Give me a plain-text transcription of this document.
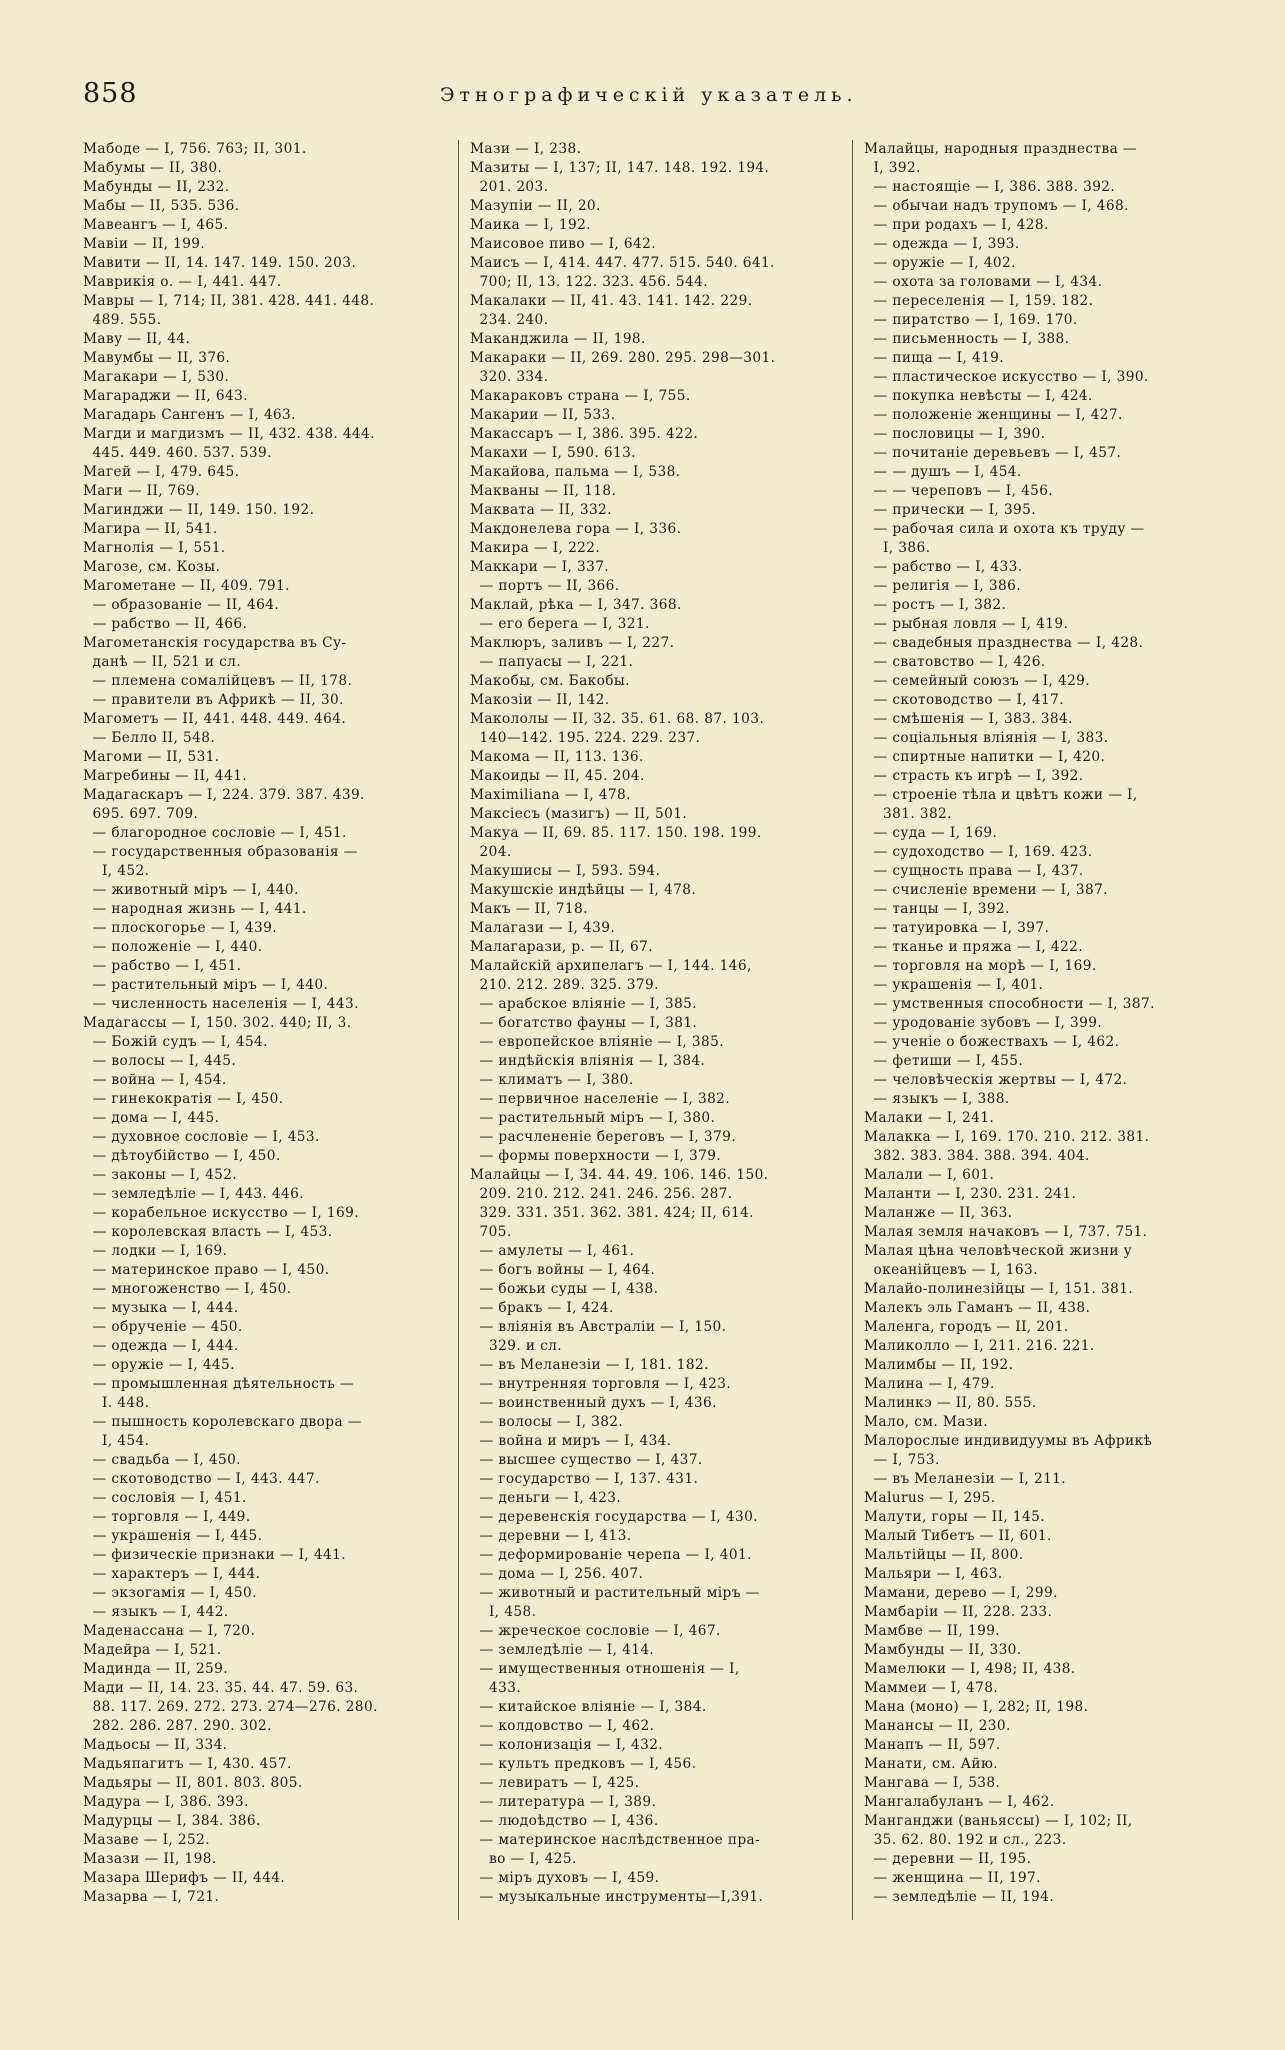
858	Этнографическій указатель.
Мабоде — I, 756. 763; II, 301.
Мабумы — II, 380.
Мабунды — II, 232.
Мабы — II, 535. 536.
Мавеангъ — I, 465.
Мавіи — II, 199.
Мавити — II, 14. 147. 149. 150. 203.
Маврикія о. — I, 441. 447.
Мавры — I, 714; II, 381. 428. 441. 448.
489. 555.
Маву — II, 44.
Мавумбы — II, 376.
Магакари — I, 530.
Магараджи — II, 643.
Магадарь Сангенъ — I, 463.
Магди и магдизмъ — II, 432. 438. 444.
445. 449. 460. 537. 539.
Магей — I, 479. 645.
Маги — II, 769.
Магинджи — II, 149. 150. 192.
Магира — II, 541.
Магнолія — I, 551.
Магозе, см. Козы.
Магометане — II, 409. 791.
— образованіе — II, 464.
— рабство — II, 466.
Магометанскія государства въ Су-
данѣ — II, 521 и сл.
— племена сомалійцевъ — II, 178.
— правители въ Африкѣ — II, 30.
Магометъ — II, 441. 448. 449. 464.
— Белло II, 548.
Магоми — II, 531.
Магребины — II, 441.
Мадагаскаръ — I, 224. 379. 387. 439.
695. 697. 709.
— благородное сословіе — I, 451.
— государственныя образованія —
I, 452.
— животный міръ — I, 440.
— народная жизнь — I, 441.
— плоскогорье — I, 439.
— положеніе — I, 440.
— рабство — I, 451.
— растительный міръ — I, 440.
— численность населенія — I, 443.
Мадагассы — I, 150. 302. 440; II, 3.
— Божій судъ — I, 454.
— волосы — I, 445.
— война — I, 454.
— гинекократія — I, 450.
— дома — I, 445.
— духовное сословіе — I, 453.
— дѣтоубійство — I, 450.
— законы — I, 452.
— земледѣліе — I, 443. 446.
— корабельное искусство — I, 169.
— королевская власть — I, 453.
— лодки — I, 169.
— материнское право — I, 450.
— многоженство — I, 450.
— музыка — I, 444.
— обрученіе — 450.
— одежда — I, 444.
— оружіе — I, 445.
— промышленная дѣятельность —
I. 448.
— пышность королевскаго двора —
I, 454.
— свадьба — I, 450.
— скотоводство — I, 443. 447.
— сословія — I, 451.
— торговля — I, 449.
— украшенія — I, 445.
— физическіе признаки — I, 441.
— характеръ — I, 444.
— экзогамія — I, 450.
— языкъ — I, 442.
Маденассана — I, 720.
Мадейра — I, 521.
Мадинда — II, 259.
Мади — II, 14. 23. 35. 44. 47. 59. 63.
88. 117. 269. 272. 273. 274—276. 280.
282. 286. 287. 290. 302.
Мадьосы — II, 334.
Мадьяпагитъ — I, 430. 457.
Мадьяры — II, 801. 803. 805.
Мадура — I, 386. 393.
Мадурцы — I, 384. 386.
Мазаве — I, 252.
Мазази — II, 198.
Мазара Шерифъ — II, 444.
Мазарва — I, 721.
Мази — I, 238.
Мазиты — I, 137; II, 147. 148. 192. 194.
201. 203.
Мазупіи — II, 20.
Маика — I, 192.
Маисовое пиво — I, 642.
Маисъ — I, 414. 447. 477. 515. 540. 641.
700; II, 13. 122. 323. 456. 544.
Макалаки — II, 41. 43. 141. 142. 229.
234. 240.
Маканджила — II, 198.
Макараки — II, 269. 280. 295. 298—301.
320. 334.
Макараковъ страна — I, 755.
Макарии — II, 533.
Макассаръ — I, 386. 395. 422.
Макахи — I, 590. 613.
Макайова, пальма — I, 538.
Макваны — II, 118.
Маквата — II, 332.
Макдонелева гора — I, 336.
Макира — I, 222.
Маккари — I, 337.
— портъ — II, 366.
Маклай, рѣка — I, 347. 368.
— его берега — I, 321.
Маклюръ, заливъ — I, 227.
— папуасы — I, 221.
Макобы, см. Бакобы.
Макозіи — II, 142.
Макололы — II, 32. 35. 61. 68. 87. 103.
140—142. 195. 224. 229. 237.
Макома — II, 113. 136.
Макоиды — II, 45. 204.
Maximiliana — I, 478.
Максіесъ (мазигъ) — II, 501.
Макуа — II, 69. 85. 117. 150. 198. 199.
204.
Макушисы — I, 593. 594.
Макушскіе индѣйцы — I, 478.
Макъ — II, 718.
Малагази — I, 439.
Малагарази, р. — II, 67.
Малайскій архипелагъ — I, 144. 146,
210. 212. 289. 325. 379.
— арабское вліяніе — I, 385.
— богатство фауны — I, 381.
— европейское вліяніе — I, 385.
— индѣйскія вліянія — I, 384.
— климатъ — I, 380.
— первичное населеніе — I, 382.
— растительный міръ — I, 380.
— расчлененіе береговъ — I, 379.
— формы поверхности — I, 379.
Малайцы — I, 34. 44. 49. 106. 146. 150.
209. 210. 212. 241. 246. 256. 287.
329. 331. 351. 362. 381. 424; II, 614.
705.
— амулеты — I, 461.
— богъ войны — I, 464.
— божьи суды — I, 438.
— бракъ — I, 424.
— вліянія въ Австраліи — I, 150.
329. и сл.
— въ Меланезіи — I, 181. 182.
— внутренняя торговля — I, 423.
— воинственный духъ — I, 436.
— волосы — I, 382.
— война и миръ — I, 434.
— высшее существо — I, 437.
— государство — I, 137. 431.
— деньги — I, 423.
— деревенскія государства — I, 430.
— деревни — I, 413.
— деформированіе черепа — I, 401.
— дома — I, 256. 407.
— животный и растительный міръ —
I, 458.
— жреческое сословіе — I, 467.
— земледѣліе — I, 414.
— имущественныя отношенія — I,
433.
— китайское вліяніе — I, 384.
— колдовство — I, 462.
— колонизація — I, 432.
— культъ предковъ — I, 456.
— левиратъ — I, 425.
— литература — I, 389.
— людоѣдство — I, 436.
— материнское наслѣдственное пра-
во — I, 425.
— міръ духовъ — I, 459.
— музыкальные инструменты—I,391.
Малайцы, народныя празднества —
I, 392.
— настоящіе — I, 386. 388. 392.
— обычаи надъ трупомъ — I, 468.
— при родахъ — I, 428.
— одежда — I, 393.
— оружіе — I, 402.
— охота за головами — I, 434.
— переселенія — I, 159. 182.
— пиратство — I, 169. 170.
— письменность — I, 388.
— пища — I, 419.
— пластическое искусство — I, 390.
— покупка невѣсты — I, 424.
— положеніе женщины — I, 427.
— пословицы — I, 390.
— почитаніе деревьевъ — I, 457.
— — душъ — I, 454.
— — череповъ — I, 456.
— прически — I, 395.
— рабочая сила и охота къ труду —
I, 386.
— рабство — I, 433.
— религія — I, 386.
— ростъ — I, 382.
— рыбная ловля — I, 419.
— свадебныя празднества — I, 428.
— сватовство — I, 426.
— семейный союзъ — I, 429.
— скотоводство — I, 417.
— смѣшенія — I, 383. 384.
— соціальныя вліянія — I, 383.
— спиртные напитки — I, 420.
— страсть къ игрѣ — I, 392.
— строеніе тѣла и цвѣтъ кожи — I,
381. 382.
— суда — I, 169.
— судоходство — I, 169. 423.
— сущность права — I, 437.
— счисленіе времени — I, 387.
— танцы — I, 392.
— татуировка — I, 397.
— тканье и пряжа — I, 422.
— торговля на морѣ — I, 169.
— украшенія — I, 401.
— умственныя способности — I, 387.
— уродованіе зубовъ — I, 399.
— ученіе о божествахъ — I, 462.
— фетиши — I, 455.
— человѣческія жертвы — I, 472.
— языкъ — I, 388.
Малаки — I, 241.
Малакка — I, 169. 170. 210. 212. 381.
382. 383. 384. 388. 394. 404.
Малали — I, 601.
Маланти — I, 230. 231. 241.
Маланже — II, 363.
Малая земля начаковъ — I, 737. 751.
Малая цѣна человѣческой жизни у
океанійцевъ — I, 163.
Малайо-полинезійцы — I, 151. 381.
Малекъ эль Гаманъ — II, 438.
Маленга, городъ — II, 201.
Маликолло — I, 211. 216. 221.
Малимбы — II, 192.
Малина — I, 479.
Малинкэ — II, 80. 555.
Мало, см. Мази.
Малорослые индивидуумы въ Африкѣ
— I, 753.
— въ Меланезіи — I, 211.
Malurus — I, 295.
Малути, горы — II, 145.
Малый Тибетъ — II, 601.
Мальтійцы — II, 800.
Мальяри — I, 463.
Мамани, дерево — I, 299.
Мамбаріи — II, 228. 233.
Мамбве — II, 199.
Мамбунды — II, 330.
Мамелюки — I, 498; II, 438.
Маммеи — I, 478.
Мана (моно) — I, 282; II, 198.
Манансы — II, 230.
Манапъ — II, 597.
Манати, см. Айю.
Мангава — I, 538.
Мангалабуланъ — I, 462.
Манганджи (ваньяссы) — I, 102; II,
35. 62. 80. 192 и сл., 223.
— деревни — II, 195.
— женщина — II, 197.
— земледѣліе — II, 194.
